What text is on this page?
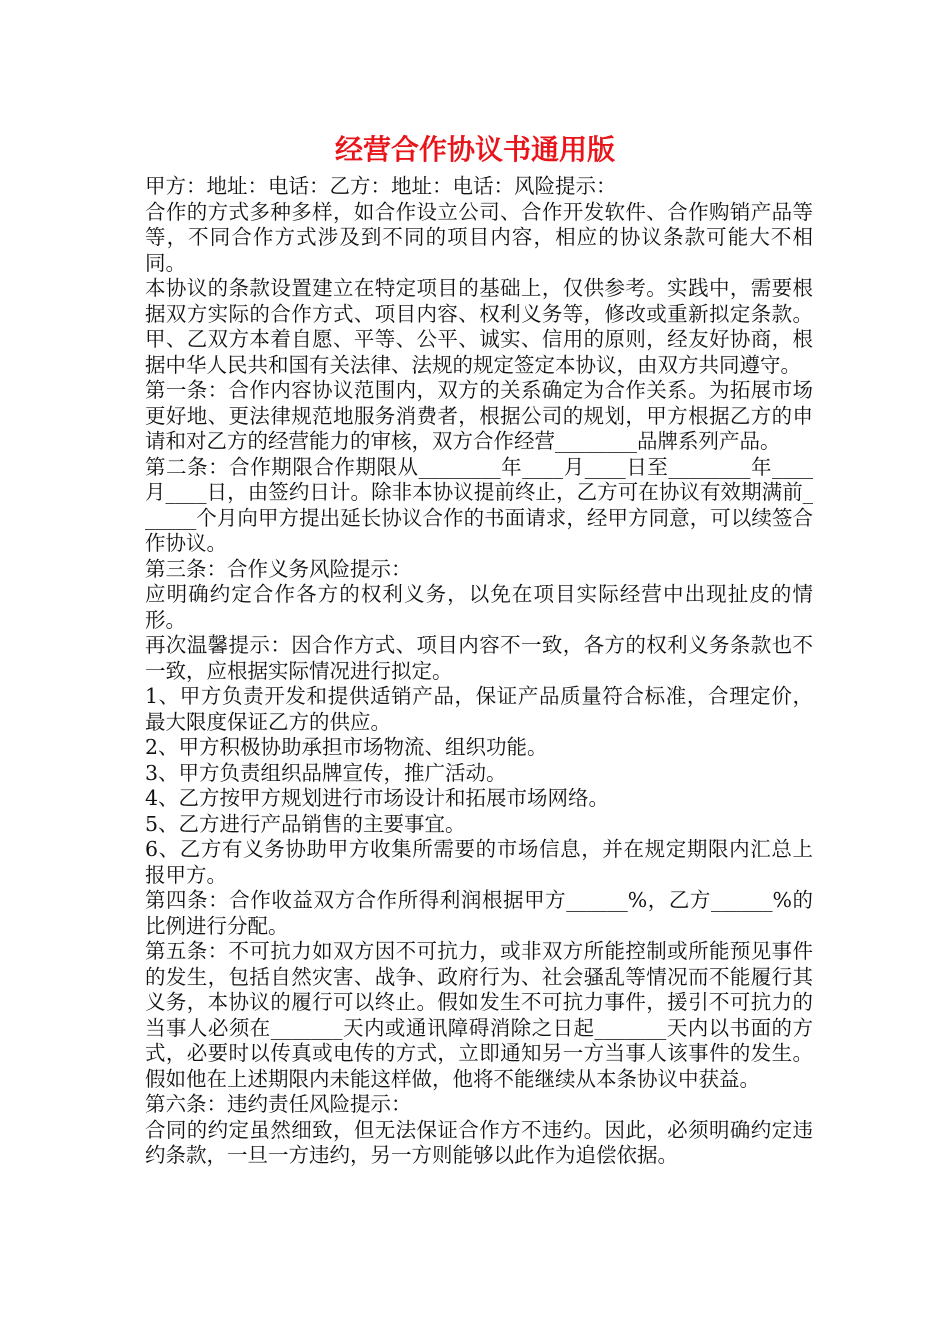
经营合作协议书通用版

甲方：地址：电话：乙方：地址：电话：风险提示：

合作的方式多种多样，如合作设立公司、合作开发软件、合作购销产品等等，不同合作方式涉及到不同的项目内容，相应的协议条款可能大不相同。

本协议的条款设置建立在特定项目的基础上，仅供参考。实践中，需要根据双方实际的合作方式、项目内容、权利义务等，修改或重新拟定条款。 甲、乙双方本着自愿、平等、公平、诚实、信用的原则，经友好协商，根据中华人民共和国有关法律、法规的规定签定本协议，由双方共同遵守。

第一条：合作内容协议范围内，双方的关系确定为合作关系。为拓展市场更好地、更法律规范地服务消费者，根据公司的规划，甲方根据乙方的申请和对乙方的经营能力的审核，双方合作经营________品牌系列产品。

第二条：合作期限合作期限从________年____月____日至________年____月____日，由签约日计。除非本协议提前终止，乙方可在协议有效期满前______个月向甲方提出延长协议合作的书面请求，经甲方同意，可以续签合作协议。

第三条：合作义务风险提示：

应明确约定合作各方的权利义务，以免在项目实际经营中出现扯皮的情形。

再次温馨提示：因合作方式、项目内容不一致，各方的权利义务条款也不一致，应根据实际情况进行拟定。

1、甲方负责开发和提供适销产品，保证产品质量符合标准，合理定价，最大限度保证乙方的供应。

2、甲方积极协助承担市场物流、组织功能。

3、甲方负责组织品牌宣传，推广活动。

4、乙方按甲方规划进行市场设计和拓展市场网络。

5、乙方进行产品销售的主要事宜。

6、乙方有义务协助甲方收集所需要的市场信息，并在规定期限内汇总上报甲方。

第四条：合作收益双方合作所得利润根据甲方______%，乙方______%的比例进行分配。

第五条：不可抗力如双方因不可抗力，或非双方所能控制或所能预见事件的发生，包括自然灾害、战争、政府行为、社会骚乱等情况而不能履行其义务，本协议的履行可以终止。假如发生不可抗力事件，援引不可抗力的当事人必须在_______天内或通讯障碍消除之日起_______天内以书面的方式，必要时以传真或电传的方式，立即通知另一方当事人该事件的发生。假如他在上述期限内未能这样做，他将不能继续从本条协议中获益。

第六条：违约责任风险提示：

合同的约定虽然细致，但无法保证合作方不违约。因此，必须明确约定违约条款，一旦一方违约，另一方则能够以此作为追偿依据。
